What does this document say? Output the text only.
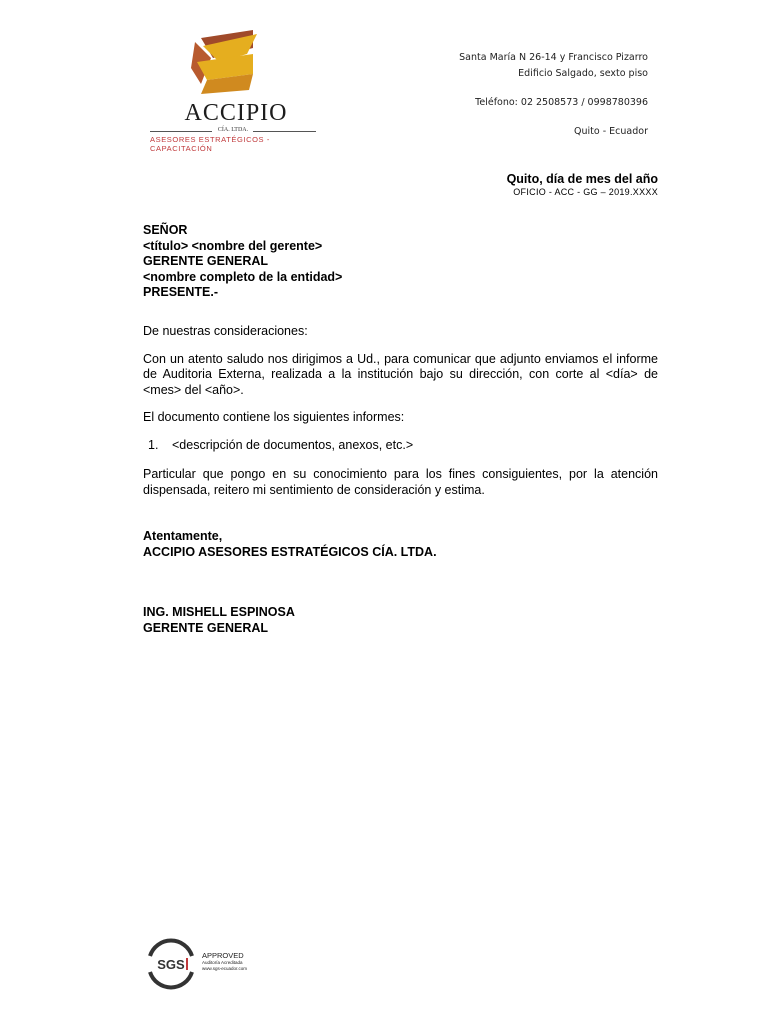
ACCIPIO
CÍA. LTDA.
ASESORES ESTRATÉGICOS - CAPACITACIÓN
Santa María N 26-14 y Francisco Pizarro
Edificio Salgado, sexto piso
Teléfono: 02 2508573 / 0998780396
Quito - Ecuador
Quito, día de mes del año
OFICIO - ACC - GG – 2019.XXXX
SEÑOR
<título> <nombre del gerente>
GERENTE GENERAL
<nombre completo de la entidad>
PRESENTE.-

De nuestras consideraciones:

Con un atento saludo nos dirigimos a Ud., para comunicar que adjunto enviamos el informe de Auditoria Externa, realizada a la institución bajo su dirección, con corte al <día> de <mes> del <año>.

El documento contiene los siguientes informes:

1. <descripción de documentos, anexos, etc.>

Particular que pongo en su conocimiento para los fines consiguientes, por la atención dispensada, reitero mi sentimiento de consideración y estima.

Atentamente,
ACCIPIO ASESORES ESTRATÉGICOS CÍA. LTDA.
ING. MISHELL ESPINOSA
GERENTE GENERAL
SGS
APPROVED
Auditoría Acreditada
www.sgs-ecuador.com
